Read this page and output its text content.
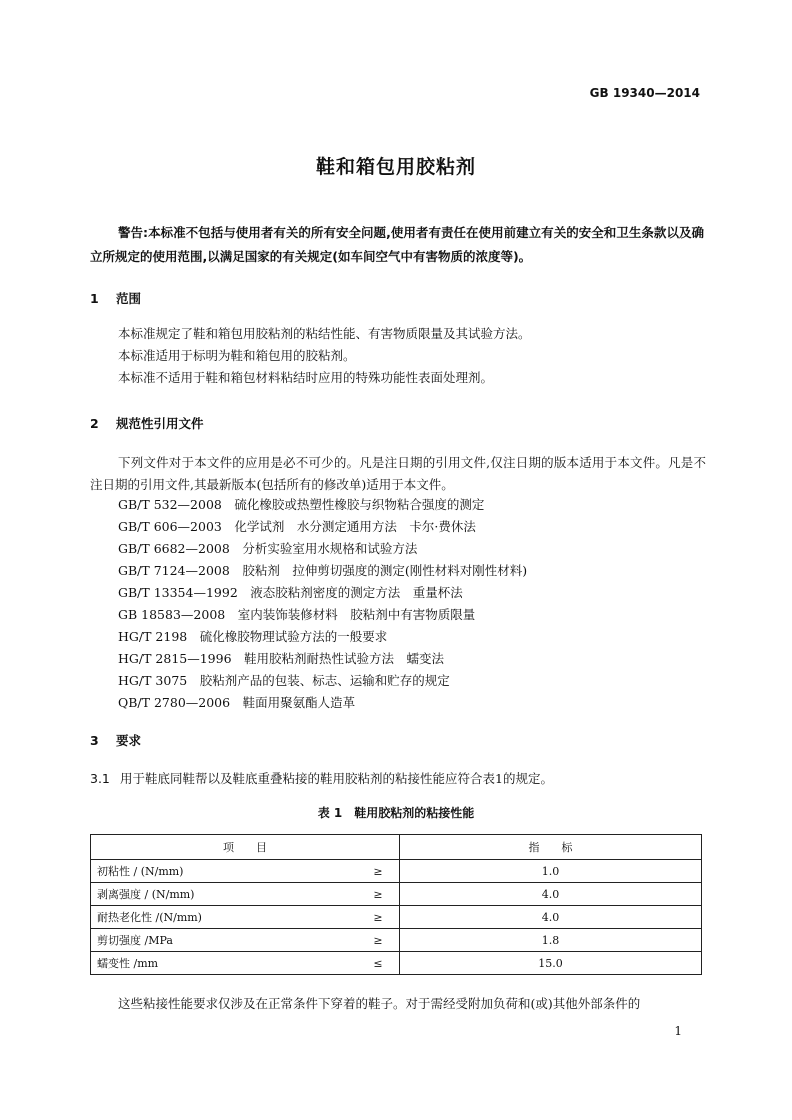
GB 19340—2014
鞋和箱包用胶粘剂
警告:本标准不包括与使用者有关的所有安全问题,使用者有责任在使用前建立有关的安全和卫生条款以及确立所规定的使用范围,以满足国家的有关规定(如车间空气中有害物质的浓度等)。
1 范围
本标准规定了鞋和箱包用胶粘剂的粘结性能、有害物质限量及其试验方法。
本标准适用于标明为鞋和箱包用的胶粘剂。
本标准不适用于鞋和箱包材料粘结时应用的特殊功能性表面处理剂。
2 规范性引用文件
下列文件对于本文件的应用是必不可少的。凡是注日期的引用文件,仅注日期的版本适用于本文件。凡是不注日期的引用文件,其最新版本(包括所有的修改单)适用于本文件。
GB/T 532—2008　硫化橡胶或热塑性橡胶与织物粘合强度的测定
GB/T 606—2003　化学试剂　水分测定通用方法　卡尔·费休法
GB/T 6682—2008　分析实验室用水规格和试验方法
GB/T 7124—2008　胶粘剂　拉伸剪切强度的测定(刚性材料对刚性材料)
GB/T 13354—1992　液态胶粘剂密度的测定方法　重量杯法
GB 18583—2008　室内装饰装修材料　胶粘剂中有害物质限量
HG/T 2198　硫化橡胶物理试验方法的一般要求
HG/T 2815—1996　鞋用胶粘剂耐热性试验方法　蠕变法
HG/T 3075　胶粘剂产品的包装、标志、运输和贮存的规定
QB/T 2780—2006　鞋面用聚氨酯人造革
3 要求
3.1 用于鞋底同鞋帮以及鞋底重叠粘接的鞋用胶粘剂的粘接性能应符合表1的规定。
表 1　鞋用胶粘剂的粘接性能
项　　目		指　　标
初粘性 / (N/mm)	≥	1.0
剥离强度 / (N/mm)	≥	4.0
耐热老化性 /(N/mm)	≥	4.0
剪切强度 /MPa	≥	1.8
蠕变性 /mm	≤	15.0
这些粘接性能要求仅涉及在正常条件下穿着的鞋子。对于需经受附加负荷和(或)其他外部条件的
1
